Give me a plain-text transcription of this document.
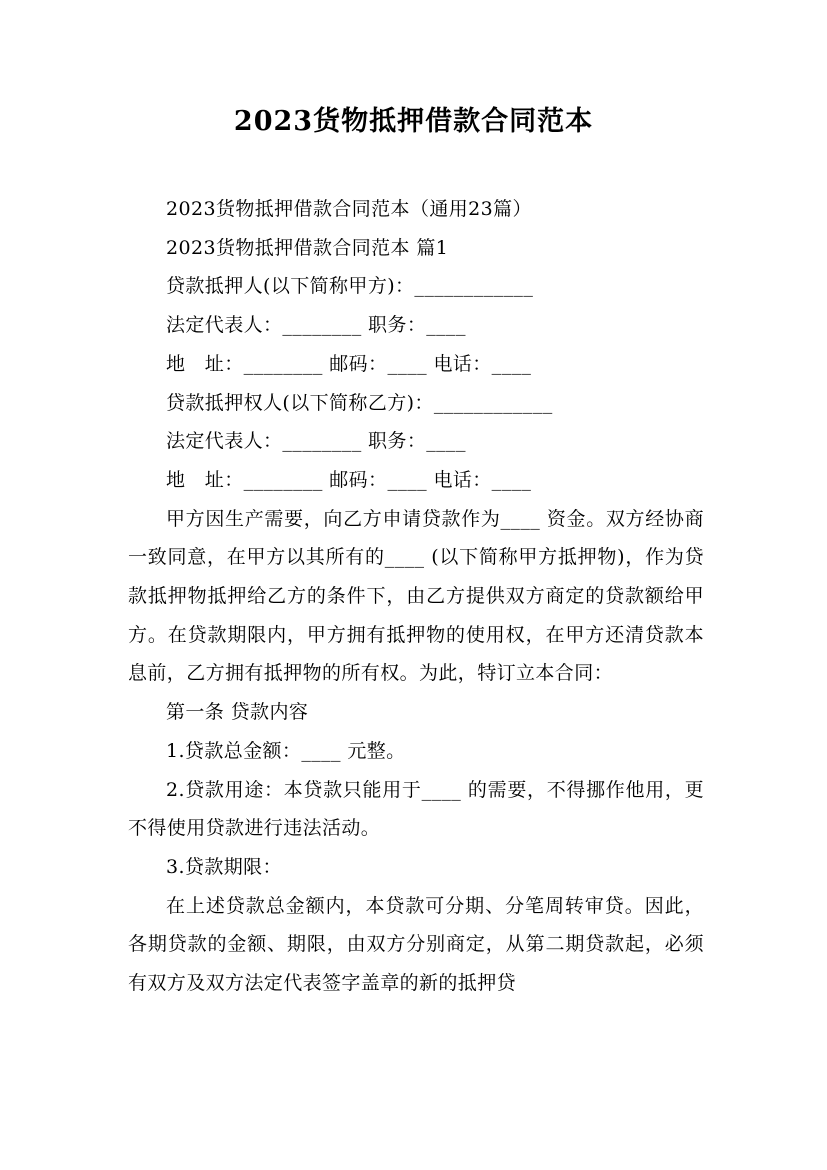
2023货物抵押借款合同范本

2023货物抵押借款合同范本（通用23篇）

2023货物抵押借款合同范本 篇1

贷款抵押人(以下简称甲方)：____________

法定代表人：________ 职务：____

地　址：________ 邮码：____ 电话：____

贷款抵押权人(以下简称乙方)：____________

法定代表人：________ 职务：____

地　址：________ 邮码：____ 电话：____

甲方因生产需要，向乙方申请贷款作为____ 资金。双方经协商一致同意，在甲方以其所有的____ (以下简称甲方抵押物)，作为贷款抵押物抵押给乙方的条件下，由乙方提供双方商定的贷款额给甲方。在贷款期限内，甲方拥有抵押物的使用权，在甲方还清贷款本息前，乙方拥有抵押物的所有权。为此，特订立本合同：

第一条 贷款内容

1.贷款总金额：____ 元整。

2.贷款用途：本贷款只能用于____ 的需要，不得挪作他用，更不得使用贷款进行违法活动。

3.贷款期限：

在上述贷款总金额内，本贷款可分期、分笔周转审贷。因此，各期贷款的金额、期限，由双方分别商定，从第二期贷款起，必须有双方及双方法定代表签字盖章的新的抵押贷
